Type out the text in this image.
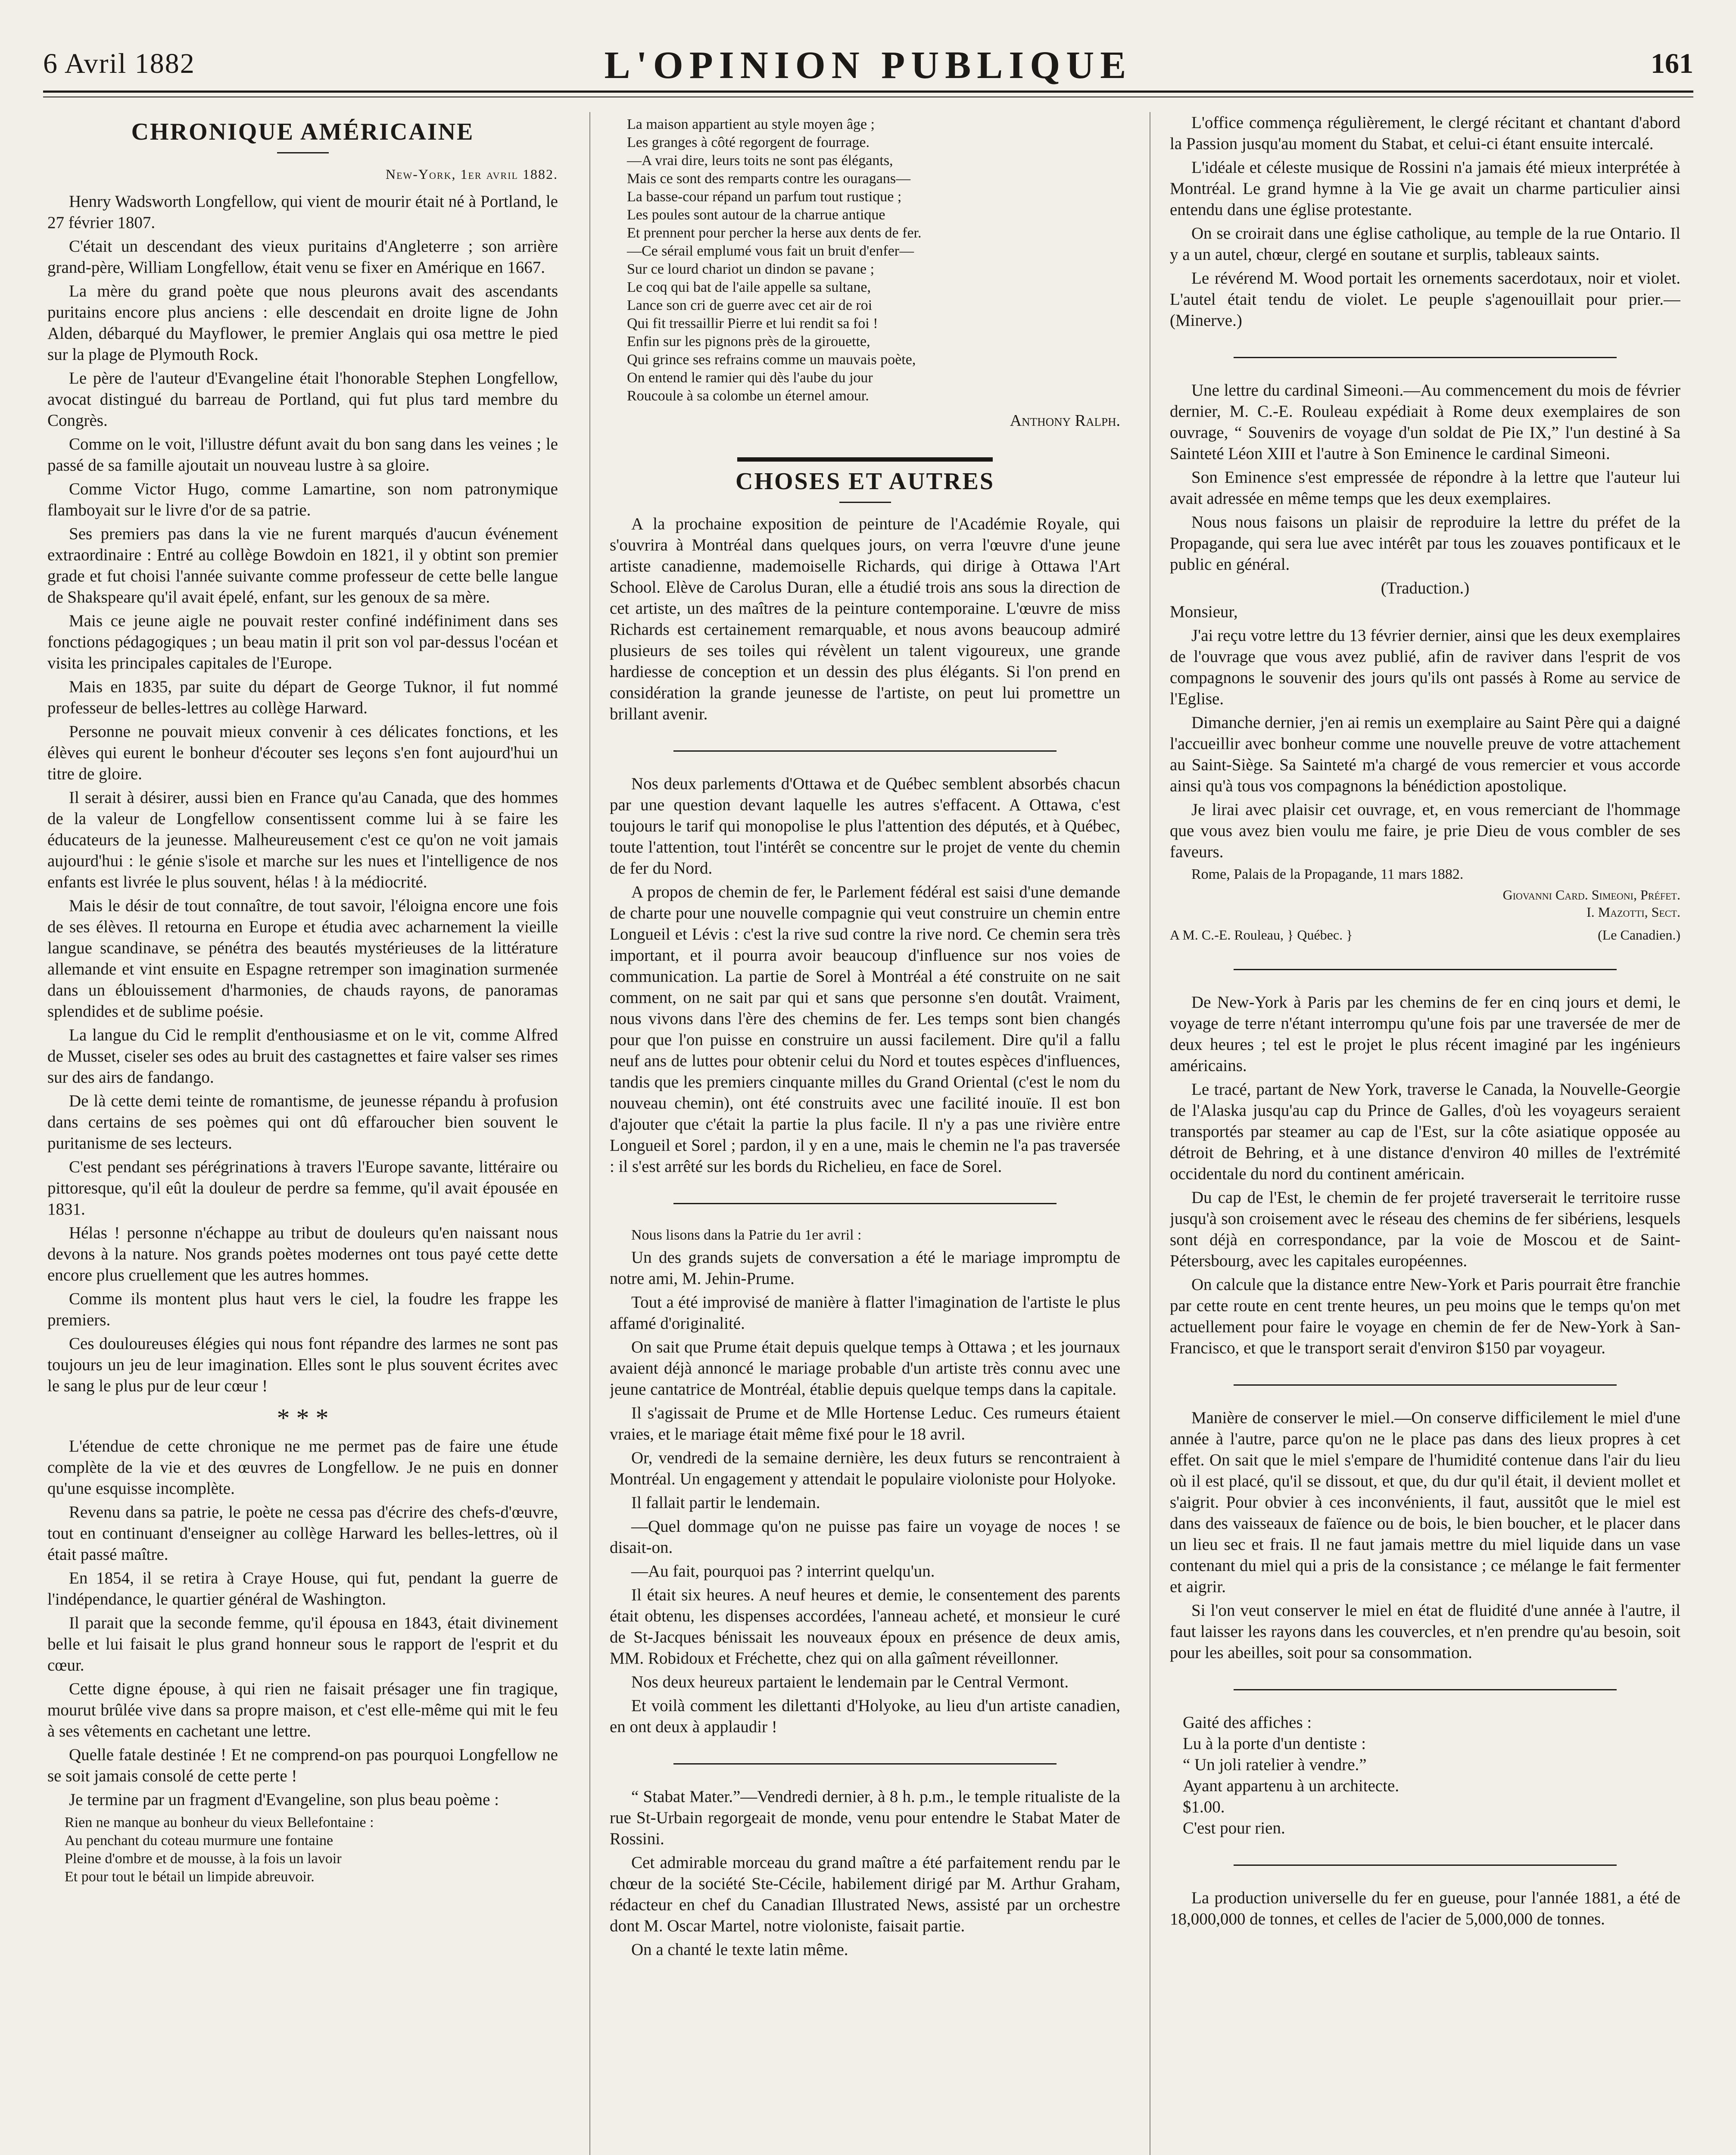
6 Avril 1882	L'OPINION PUBLIQUE	161
CHRONIQUE AMÉRICAINE
New-York, 1er avril 1882.

Henry Wadsworth Longfellow, qui vient de mourir était né à Portland, le 27 février 1807.

C'était un descendant des vieux puritains d'Angleterre ; son arrière grand-père, William Longfellow, était venu se fixer en Amérique en 1667.

La mère du grand poète que nous pleurons avait des ascendants puritains encore plus anciens : elle descendait en droite ligne de John Alden, débarqué du Mayflower, le premier Anglais qui osa mettre le pied sur la plage de Plymouth Rock.

Le père de l'auteur d'Evangeline était l'honorable Stephen Longfellow, avocat distingué du barreau de Portland, qui fut plus tard membre du Congrès.

Comme on le voit, l'illustre défunt avait du bon sang dans les veines ; le passé de sa famille ajoutait un nouveau lustre à sa gloire.

Comme Victor Hugo, comme Lamartine, son nom patronymique flamboyait sur le livre d'or de sa patrie.

Ses premiers pas dans la vie ne furent marqués d'aucun événement extraordinaire : Entré au collège Bowdoin en 1821, il y obtint son premier grade et fut choisi l'année suivante comme professeur de cette belle langue de Shakspeare qu'il avait épelé, enfant, sur les genoux de sa mère.

Mais ce jeune aigle ne pouvait rester confiné indéfiniment dans ses fonctions pédagogiques ; un beau matin il prit son vol par-dessus l'océan et visita les principales capitales de l'Europe.

Mais en 1835, par suite du départ de George Tuknor, il fut nommé professeur de belles-lettres au collège Harward.

Personne ne pouvait mieux convenir à ces délicates fonctions, et les élèves qui eurent le bonheur d'écouter ses leçons s'en font aujourd'hui un titre de gloire.

Il serait à désirer, aussi bien en France qu'au Canada, que des hommes de la valeur de Longfellow consentissent comme lui à se faire les éducateurs de la jeunesse. Malheureusement c'est ce qu'on ne voit jamais aujourd'hui : le génie s'isole et marche sur les nues et l'intelligence de nos enfants est livrée le plus souvent, hélas ! à la médiocrité.

Mais le désir de tout connaître, de tout savoir, l'éloigna encore une fois de ses élèves. Il retourna en Europe et étudia avec acharnement la vieille langue scandinave, se pénétra des beautés mystérieuses de la littérature allemande et vint ensuite en Espagne retremper son imagination surmenée dans un éblouissement d'harmonies, de chauds rayons, de panoramas splendides et de sublime poésie.

La langue du Cid le remplit d'enthousiasme et on le vit, comme Alfred de Musset, ciseler ses odes au bruit des castagnettes et faire valser ses rimes sur des airs de fandango.

De là cette demi teinte de romantisme, de jeunesse répandu à profusion dans certains de ses poèmes qui ont dû effaroucher bien souvent le puritanisme de ses lecteurs.

C'est pendant ses pérégrinations à travers l'Europe savante, littéraire ou pittoresque, qu'il eût la douleur de perdre sa femme, qu'il avait épousée en 1831.

Hélas ! personne n'échappe au tribut de douleurs qu'en naissant nous devons à la nature. Nos grands poètes modernes ont tous payé cette dette encore plus cruellement que les autres hommes.

Comme ils montent plus haut vers le ciel, la foudre les frappe les premiers.

Ces douloureuses élégies qui nous font répandre des larmes ne sont pas toujours un jeu de leur imagination. Elles sont le plus souvent écrites avec le sang le plus pur de leur cœur !

* * *

L'étendue de cette chronique ne me permet pas de faire une étude complète de la vie et des œuvres de Longfellow. Je ne puis en donner qu'une esquisse incomplète.

Revenu dans sa patrie, le poète ne cessa pas d'écrire des chefs-d'œuvre, tout en continuant d'enseigner au collège Harward les belles-lettres, où il était passé maître.

En 1854, il se retira à Craye House, qui fut, pendant la guerre de l'indépendance, le quartier général de Washington.

Il parait que la seconde femme, qu'il épousa en 1843, était divinement belle et lui faisait le plus grand honneur sous le rapport de l'esprit et du cœur.

Cette digne épouse, à qui rien ne faisait présager une fin tragique, mourut brûlée vive dans sa propre maison, et c'est elle-même qui mit le feu à ses vêtements en cachetant une lettre.

Quelle fatale destinée ! Et ne comprend-on pas pourquoi Longfellow ne se soit jamais consolé de cette perte !

Je termine par un fragment d'Evangeline, son plus beau poème :

Rien ne manque au bonheur du vieux Bellefontaine :
Au penchant du coteau murmure une fontaine
Pleine d'ombre et de mousse, à la fois un lavoir
Et pour tout le bétail un limpide abreuvoir.
La maison appartient au style moyen âge ;
Les granges à côté regorgent de fourrage.
—A vrai dire, leurs toits ne sont pas élégants,
Mais ce sont des remparts contre les ouragans—
La basse-cour répand un parfum tout rustique ;
Les poules sont autour de la charrue antique
Et prennent pour percher la herse aux dents de fer.
—Ce sérail emplumé vous fait un bruit d'enfer—
Sur ce lourd chariot un dindon se pavane ;
Le coq qui bat de l'aile appelle sa sultane,
Lance son cri de guerre avec cet air de roi
Qui fit tressaillir Pierre et lui rendit sa foi !
Enfin sur les pignons près de la girouette,
Qui grince ses refrains comme un mauvais poète,
On entend le ramier qui dès l'aube du jour
Roucoule à sa colombe un éternel amour.
Anthony Ralph.
CHOSES ET AUTRES

A la prochaine exposition de peinture de l'Académie Royale, qui s'ouvrira à Montréal dans quelques jours, on verra l'œuvre d'une jeune artiste canadienne, mademoiselle Richards, qui dirige à Ottawa l'Art School. Elève de Carolus Duran, elle a étudié trois ans sous la direction de cet artiste, un des maîtres de la peinture contemporaine. L'œuvre de miss Richards est certainement remarquable, et nous avons beaucoup admiré plusieurs de ses toiles qui révèlent un talent vigoureux, une grande hardiesse de conception et un dessin des plus élégants. Si l'on prend en considération la grande jeunesse de l'artiste, on peut lui promettre un brillant avenir.

Nos deux parlements d'Ottawa et de Québec semblent absorbés chacun par une question devant laquelle les autres s'effacent. A Ottawa, c'est toujours le tarif qui monopolise le plus l'attention des députés, et à Québec, toute l'attention, tout l'intérêt se concentre sur le projet de vente du chemin de fer du Nord.

A propos de chemin de fer, le Parlement fédéral est saisi d'une demande de charte pour une nouvelle compagnie qui veut construire un chemin entre Longueil et Lévis : c'est la rive sud contre la rive nord. Ce chemin sera très important, et il pourra avoir beaucoup d'influence sur nos voies de communication. La partie de Sorel à Montréal a été construite on ne sait comment, on ne sait par qui et sans que personne s'en doutât. Vraiment, nous vivons dans l'ère des chemins de fer. Les temps sont bien changés pour que l'on puisse en construire un aussi facilement. Dire qu'il a fallu neuf ans de luttes pour obtenir celui du Nord et toutes espèces d'influences, tandis que les premiers cinquante milles du Grand Oriental (c'est le nom du nouveau chemin), ont été construits avec une facilité inouïe. Il est bon d'ajouter que c'était la partie la plus facile. Il n'y a pas une rivière entre Longueil et Sorel ; pardon, il y en a une, mais le chemin ne l'a pas traversée : il s'est arrêté sur les bords du Richelieu, en face de Sorel.

Nous lisons dans la Patrie du 1er avril :

Un des grands sujets de conversation a été le mariage impromptu de notre ami, M. Jehin-Prume.

Tout a été improvisé de manière à flatter l'imagination de l'artiste le plus affamé d'originalité.

On sait que Prume était depuis quelque temps à Ottawa ; et les journaux avaient déjà annoncé le mariage probable d'un artiste très connu avec une jeune cantatrice de Montréal, établie depuis quelque temps dans la capitale.

Il s'agissait de Prume et de Mlle Hortense Leduc. Ces rumeurs étaient vraies, et le mariage était même fixé pour le 18 avril.

Or, vendredi de la semaine dernière, les deux futurs se rencontraient à Montréal. Un engagement y attendait le populaire violoniste pour Holyoke.

Il fallait partir le lendemain.

—Quel dommage qu'on ne puisse pas faire un voyage de noces ! se disait-on.

—Au fait, pourquoi pas ? interrint quelqu'un.

Il était six heures. A neuf heures et demie, le consentement des parents était obtenu, les dispenses accordées, l'anneau acheté, et monsieur le curé de St-Jacques bénissait les nouveaux époux en présence de deux amis, MM. Robidoux et Fréchette, chez qui on alla gaîment réveillonner.

Nos deux heureux partaient le lendemain par le Central Vermont.

Et voilà comment les dilettanti d'Holyoke, au lieu d'un artiste canadien, en ont deux à applaudir !

“ Stabat Mater.”—Vendredi dernier, à 8 h. p.m., le temple ritualiste de la rue St-Urbain regorgeait de monde, venu pour entendre le Stabat Mater de Rossini.

Cet admirable morceau du grand maître a été parfaitement rendu par le chœur de la société Ste-Cécile, habilement dirigé par M. Arthur Graham, rédacteur en chef du Canadian Illustrated News, assisté par un orchestre dont M. Oscar Martel, notre violoniste, faisait partie.

On a chanté le texte latin même.

L'office commença régulièrement, le clergé récitant et chantant d'abord la Passion jusqu'au moment du Stabat, et celui-ci étant ensuite intercalé.

L'idéale et céleste musique de Rossini n'a jamais été mieux interprétée à Montréal. Le grand hymne à la Vie ge avait un charme particulier ainsi entendu dans une église protestante.

On se croirait dans une église catholique, au temple de la rue Ontario. Il y a un autel, chœur, clergé en soutane et surplis, tableaux saints.

Le révérend M. Wood portait les ornements sacerdotaux, noir et violet. L'autel était tendu de violet. Le peuple s'agenouillait pour prier.—(Minerve.)

Une lettre du cardinal Simeoni.—Au commencement du mois de février dernier, M. C.-E. Rouleau expédiait à Rome deux exemplaires de son ouvrage, “ Souvenirs de voyage d'un soldat de Pie IX,” l'un destiné à Sa Sainteté Léon XIII et l'autre à Son Eminence le cardinal Simeoni.

Son Eminence s'est empressée de répondre à la lettre que l'auteur lui avait adressée en même temps que les deux exemplaires.

Nous nous faisons un plaisir de reproduire la lettre du préfet de la Propagande, qui sera lue avec intérêt par tous les zouaves pontificaux et le public en général.

(Traduction.)

Monsieur,

J'ai reçu votre lettre du 13 février dernier, ainsi que les deux exemplaires de l'ouvrage que vous avez publié, afin de raviver dans l'esprit de vos compagnons le souvenir des jours qu'ils ont passés à Rome au service de l'Eglise.

Dimanche dernier, j'en ai remis un exemplaire au Saint Père qui a daigné l'accueillir avec bonheur comme une nouvelle preuve de votre attachement au Saint-Siège. Sa Sainteté m'a chargé de vous remercier et vous accorde ainsi qu'à tous vos compagnons la bénédiction apostolique.

Je lirai avec plaisir cet ouvrage, et, en vous remerciant de l'hommage que vous avez bien voulu me faire, je prie Dieu de vous combler de ses faveurs.

Rome, Palais de la Propagande, 11 mars 1882.

Giovanni Card. Simeoni, Préfet.
I. Mazotti, Sect.
A M. C.-E. Rouleau, } Québec. }	(Le Canadien.)

De New-York à Paris par les chemins de fer en cinq jours et demi, le voyage de terre n'étant interrompu qu'une fois par une traversée de mer de deux heures ; tel est le projet le plus récent imaginé par les ingénieurs américains.

Le tracé, partant de New York, traverse le Canada, la Nouvelle-Georgie de l'Alaska jusqu'au cap du Prince de Galles, d'où les voyageurs seraient transportés par steamer au cap de l'Est, sur la côte asiatique opposée au détroit de Behring, et à une distance d'environ 40 milles de l'extrémité occidentale du nord du continent américain.

Du cap de l'Est, le chemin de fer projeté traverserait le territoire russe jusqu'à son croisement avec le réseau des chemins de fer sibériens, lesquels sont déjà en correspondance, par la voie de Moscou et de Saint-Pétersbourg, avec les capitales européennes.

On calcule que la distance entre New-York et Paris pourrait être franchie par cette route en cent trente heures, un peu moins que le temps qu'on met actuellement pour faire le voyage en chemin de fer de New-York à San-Francisco, et que le transport serait d'environ $150 par voyageur.

Manière de conserver le miel.—On conserve difficilement le miel d'une année à l'autre, parce qu'on ne le place pas dans des lieux propres à cet effet. On sait que le miel s'empare de l'humidité contenue dans l'air du lieu où il est placé, qu'il se dissout, et que, du dur qu'il était, il devient mollet et s'aigrit. Pour obvier à ces inconvénients, il faut, aussitôt que le miel est dans des vaisseaux de faïence ou de bois, le bien boucher, et le placer dans un lieu sec et frais. Il ne faut jamais mettre du miel liquide dans un vase contenant du miel qui a pris de la consistance ; ce mélange le fait fermenter et aigrir.

Si l'on veut conserver le miel en état de fluidité d'une année à l'autre, il faut laisser les rayons dans les couvercles, et n'en prendre qu'au besoin, soit pour les abeilles, soit pour sa consommation.

Gaité des affiches :
Lu à la porte d'un dentiste :
“ Un joli ratelier à vendre.”
Ayant appartenu à un architecte.
$1.00.
C'est pour rien.

La production universelle du fer en gueuse, pour l'année 1881, a été de 18,000,000 de tonnes, et celles de l'acier de 5,000,000 de tonnes.
